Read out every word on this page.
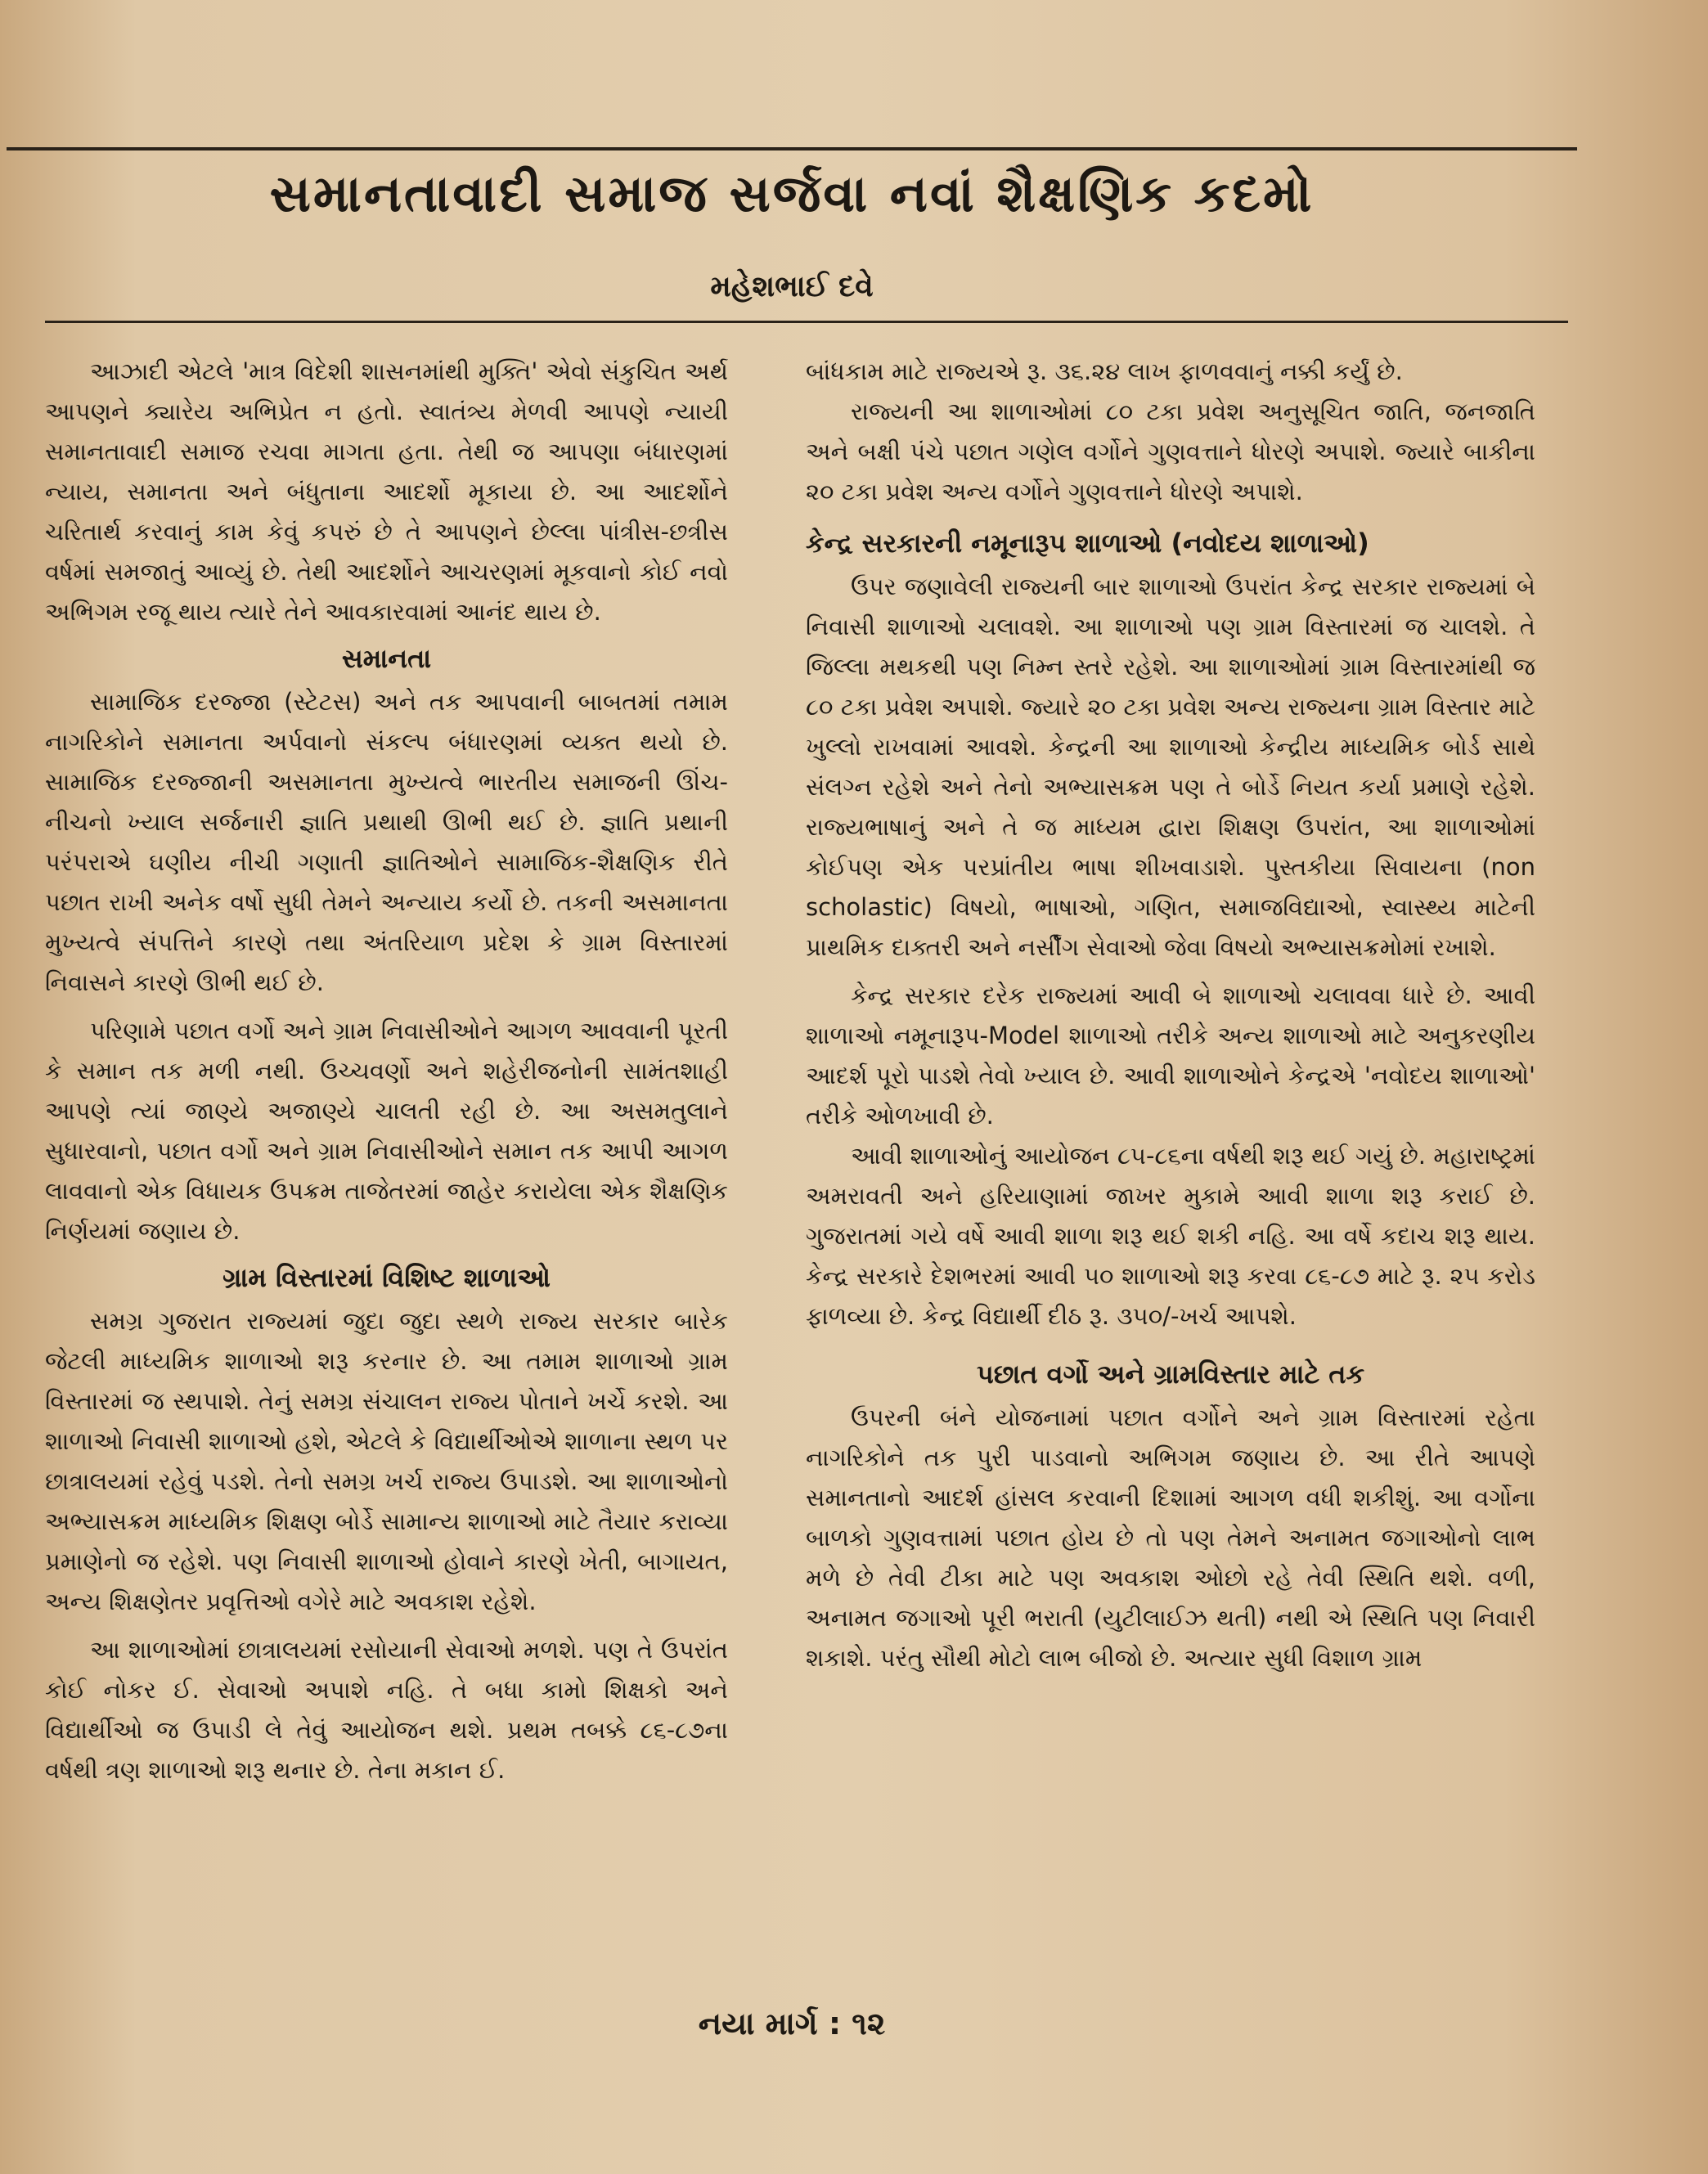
સમાનતાવાદી સમાજ સર્જવા નવાં શૈક્ષણિક કદમો
મહેશભાઈ દવે

આઝાદી એટલે 'માત્ર વિદેશી શાસનમાંથી મુક્તિ' એવો સંકુચિત અર્થ આપણને ક્યારેય અભિપ્રેત ન હતો. સ્વાતંત્ર્ય મેળવી આપણે ન્યાયી સમાનતાવાદી સમાજ રચવા માગતા હતા. તેથી જ આપણા બંધારણમાં ન્યાય, સમાનતા અને બંધુતાના આદર્શો મૂકાયા છે. આ આદર્શોને ચરિતાર્થ કરવાનું કામ કેવું કપરું છે તે આપણને છેલ્લા પાંત્રીસ-છત્રીસ વર્ષમાં સમજાતું આવ્યું છે. તેથી આદર્શોને આચરણમાં મૂકવાનો કોઈ નવો અભિગમ રજૂ થાય ત્યારે તેને આવકારવામાં આનંદ થાય છે.

સમાનતા

સામાજિક દરજ્જા (સ્ટેટસ) અને તક આપવાની બાબતમાં તમામ નાગરિકોને સમાનતા અર્પવાનો સંકલ્પ બંધારણમાં વ્યક્ત થયો છે. સામાજિક દરજ્જાની અસમાનતા મુખ્યત્વે ભારતીય સમાજની ઊંચ-નીચનો ખ્યાલ સર્જનારી જ્ઞાતિ પ્રથાથી ઊભી થઈ છે. જ્ઞાતિ પ્રથાની પરંપરાએ ઘણીય નીચી ગણાતી જ્ઞાતિઓને સામાજિક-શૈક્ષણિક રીતે પછાત રાખી અનેક વર્ષો સુધી તેમને અન્યાય કર્યો છે. તકની અસમાનતા મુખ્યત્વે સંપત્તિને કારણે તથા અંતરિયાળ પ્રદેશ કે ગ્રામ વિસ્તારમાં નિવાસને કારણે ઊભી થઈ છે.

પરિણામે પછાત વર્ગો અને ગ્રામ નિવાસીઓને આગળ આવવાની પૂરતી કે સમાન તક મળી નથી. ઉચ્ચવર્ણો અને શહેરીજનોની સામંતશાહી આપણે ત્યાં જાણ્યે અજાણ્યે ચાલતી રહી છે. આ અસમતુલાને સુધારવાનો, પછાત વર્ગો અને ગ્રામ નિવાસીઓને સમાન તક આપી આગળ લાવવાનો એક વિધાયક ઉપક્રમ તાજેતરમાં જાહેર કરાયેલા એક શૈક્ષણિક નિર્ણયમાં જણાય છે.

ગ્રામ વિસ્તારમાં વિશિષ્ટ શાળાઓ

સમગ્ર ગુજરાત રાજ્યમાં જુદા જુદા સ્થળે રાજ્ય સરકાર બારેક જેટલી માધ્યમિક શાળાઓ શરૂ કરનાર છે. આ તમામ શાળાઓ ગ્રામ વિસ્તારમાં જ સ્થપાશે. તેનું સમગ્ર સંચાલન રાજ્ય પોતાને ખર્ચે કરશે. આ શાળાઓ નિવાસી શાળાઓ હશે, એટલે કે વિદ્યાર્થીઓએ શાળાના સ્થળ પર છાત્રાલયમાં રહેવું પડશે. તેનો સમગ્ર ખર્ચ રાજ્ય ઉપાડશે. આ શાળાઓનો અભ્યાસક્રમ માધ્યમિક શિક્ષણ બોર્ડે સામાન્ય શાળાઓ માટે તૈયાર કરાવ્યા પ્રમાણેનો જ રહેશે. પણ નિવાસી શાળાઓ હોવાને કારણે ખેતી, બાગાયત, અન્ય શિક્ષણેતર પ્રવૃત્તિઓ વગેરે માટે અવકાશ રહેશે.

આ શાળાઓમાં છાત્રાલયમાં રસોયાની સેવાઓ મળશે. પણ તે ઉપરાંત કોઈ નોકર ઈ. સેવાઓ અપાશે નહિ. તે બધા કામો શિક્ષકો અને વિદ્યાર્થીઓ જ ઉપાડી લે તેવું આયોજન થશે. પ્રથમ તબક્કે ૮૬-૮૭ના વર્ષથી ત્રણ શાળાઓ શરૂ થનાર છે. તેના મકાન ઈ.

બાંધકામ માટે રાજ્યએ રૂ. ૩૬.૨૪ લાખ ફાળવવાનું નક્કી કર્યું છે.

રાજ્યની આ શાળાઓમાં ૮૦ ટકા પ્રવેશ અનુસૂચિત જાતિ, જનજાતિ અને બક્ષી પંચે પછાત ગણેલ વર્ગોને ગુણવત્તાને ધોરણે અપાશે. જ્યારે બાકીના ૨૦ ટકા પ્રવેશ અન્ય વર્ગોને ગુણવત્તાને ધોરણે અપાશે.

કેન્દ્ર સરકારની નમૂનારૂપ શાળાઓ (નવોદય શાળાઓ)

ઉપર જણાવેલી રાજ્યની બાર શાળાઓ ઉપરાંત કેન્દ્ર સરકાર રાજ્યમાં બે નિવાસી શાળાઓ ચલાવશે. આ શાળાઓ પણ ગ્રામ વિસ્તારમાં જ ચાલશે. તે જિલ્લા મથકથી પણ નિમ્ન સ્તરે રહેશે. આ શાળાઓમાં ગ્રામ વિસ્તારમાંથી જ ૮૦ ટકા પ્રવેશ અપાશે. જ્યારે ૨૦ ટકા પ્રવેશ અન્ય રાજ્યના ગ્રામ વિસ્તાર માટે ખુલ્લો રાખવામાં આવશે. કેન્દ્રની આ શાળાઓ કેન્દ્રીય માધ્યમિક બોર્ડ સાથે સંલગ્ન રહેશે અને તેનો અભ્યાસક્રમ પણ તે બોર્ડે નિયત કર્યા પ્રમાણે રહેશે. રાજ્યભાષાનું અને તે જ માધ્યમ દ્વારા શિક્ષણ ઉપરાંત, આ શાળાઓમાં કોઈપણ એક પરપ્રાંતીય ભાષા શીખવાડાશે. પુસ્તકીયા સિવાયના (non scholastic) વિષયો, ભાષાઓ, ગણિત, સમાજવિદ્યાઓ, સ્વાસ્થ્ય માટેની પ્રાથમિક દાક્તરી અને નર્સીંગ સેવાઓ જેવા વિષયો અભ્યાસક્રમોમાં રખાશે.

કેન્દ્ર સરકાર દરેક રાજ્યમાં આવી બે શાળાઓ ચલાવવા ધારે છે. આવી શાળાઓ નમૂનારૂપ-Model શાળાઓ તરીકે અન્ય શાળાઓ માટે અનુકરણીય આદર્શ પૂરો પાડશે તેવો ખ્યાલ છે. આવી શાળાઓને કેન્દ્રએ 'નવોદય શાળાઓ' તરીકે ઓળખાવી છે.

આવી શાળાઓનું આયોજન ૮૫-૮૬ના વર્ષથી શરૂ થઈ ગયું છે. મહારાષ્ટ્રમાં અમરાવતી અને હરિયાણામાં જાખર મુકામે આવી શાળા શરૂ કરાઈ છે. ગુજરાતમાં ગયે વર્ષે આવી શાળા શરૂ થઈ શકી નહિ. આ વર્ષે કદાચ શરૂ થાય. કેન્દ્ર સરકારે દેશભરમાં આવી ૫૦ શાળાઓ શરૂ કરવા ૮૬-૮૭ માટે રૂ. ૨૫ કરોડ ફાળવ્યા છે. કેન્દ્ર વિદ્યાર્થી દીઠ રૂ. ૩૫૦/-ખર્ચ આપશે.

પછાત વર્ગો અને ગ્રામવિસ્તાર માટે તક

ઉપરની બંને યોજનામાં પછાત વર્ગોને અને ગ્રામ વિસ્તારમાં રહેતા નાગરિકોને તક પુરી પાડવાનો અભિગમ જણાય છે. આ રીતે આપણે સમાનતાનો આદર્શ હાંસલ કરવાની દિશામાં આગળ વધી શકીશું. આ વર્ગોના બાળકો ગુણવત્તામાં પછાત હોય છે તો પણ તેમને અનામત જગાઓનો લાભ મળે છે તેવી ટીકા માટે પણ અવકાશ ઓછો રહે તેવી સ્થિતિ થશે. વળી, અનામત જગાઓ પૂરી ભરાતી (યુટીલાઈઝ થતી) નથી એ સ્થિતિ પણ નિવારી શકાશે. પરંતુ સૌથી મોટો લાભ બીજો છે. અત્યાર સુધી વિશાળ ગ્રામ

નયા માર્ગ : ૧૨
